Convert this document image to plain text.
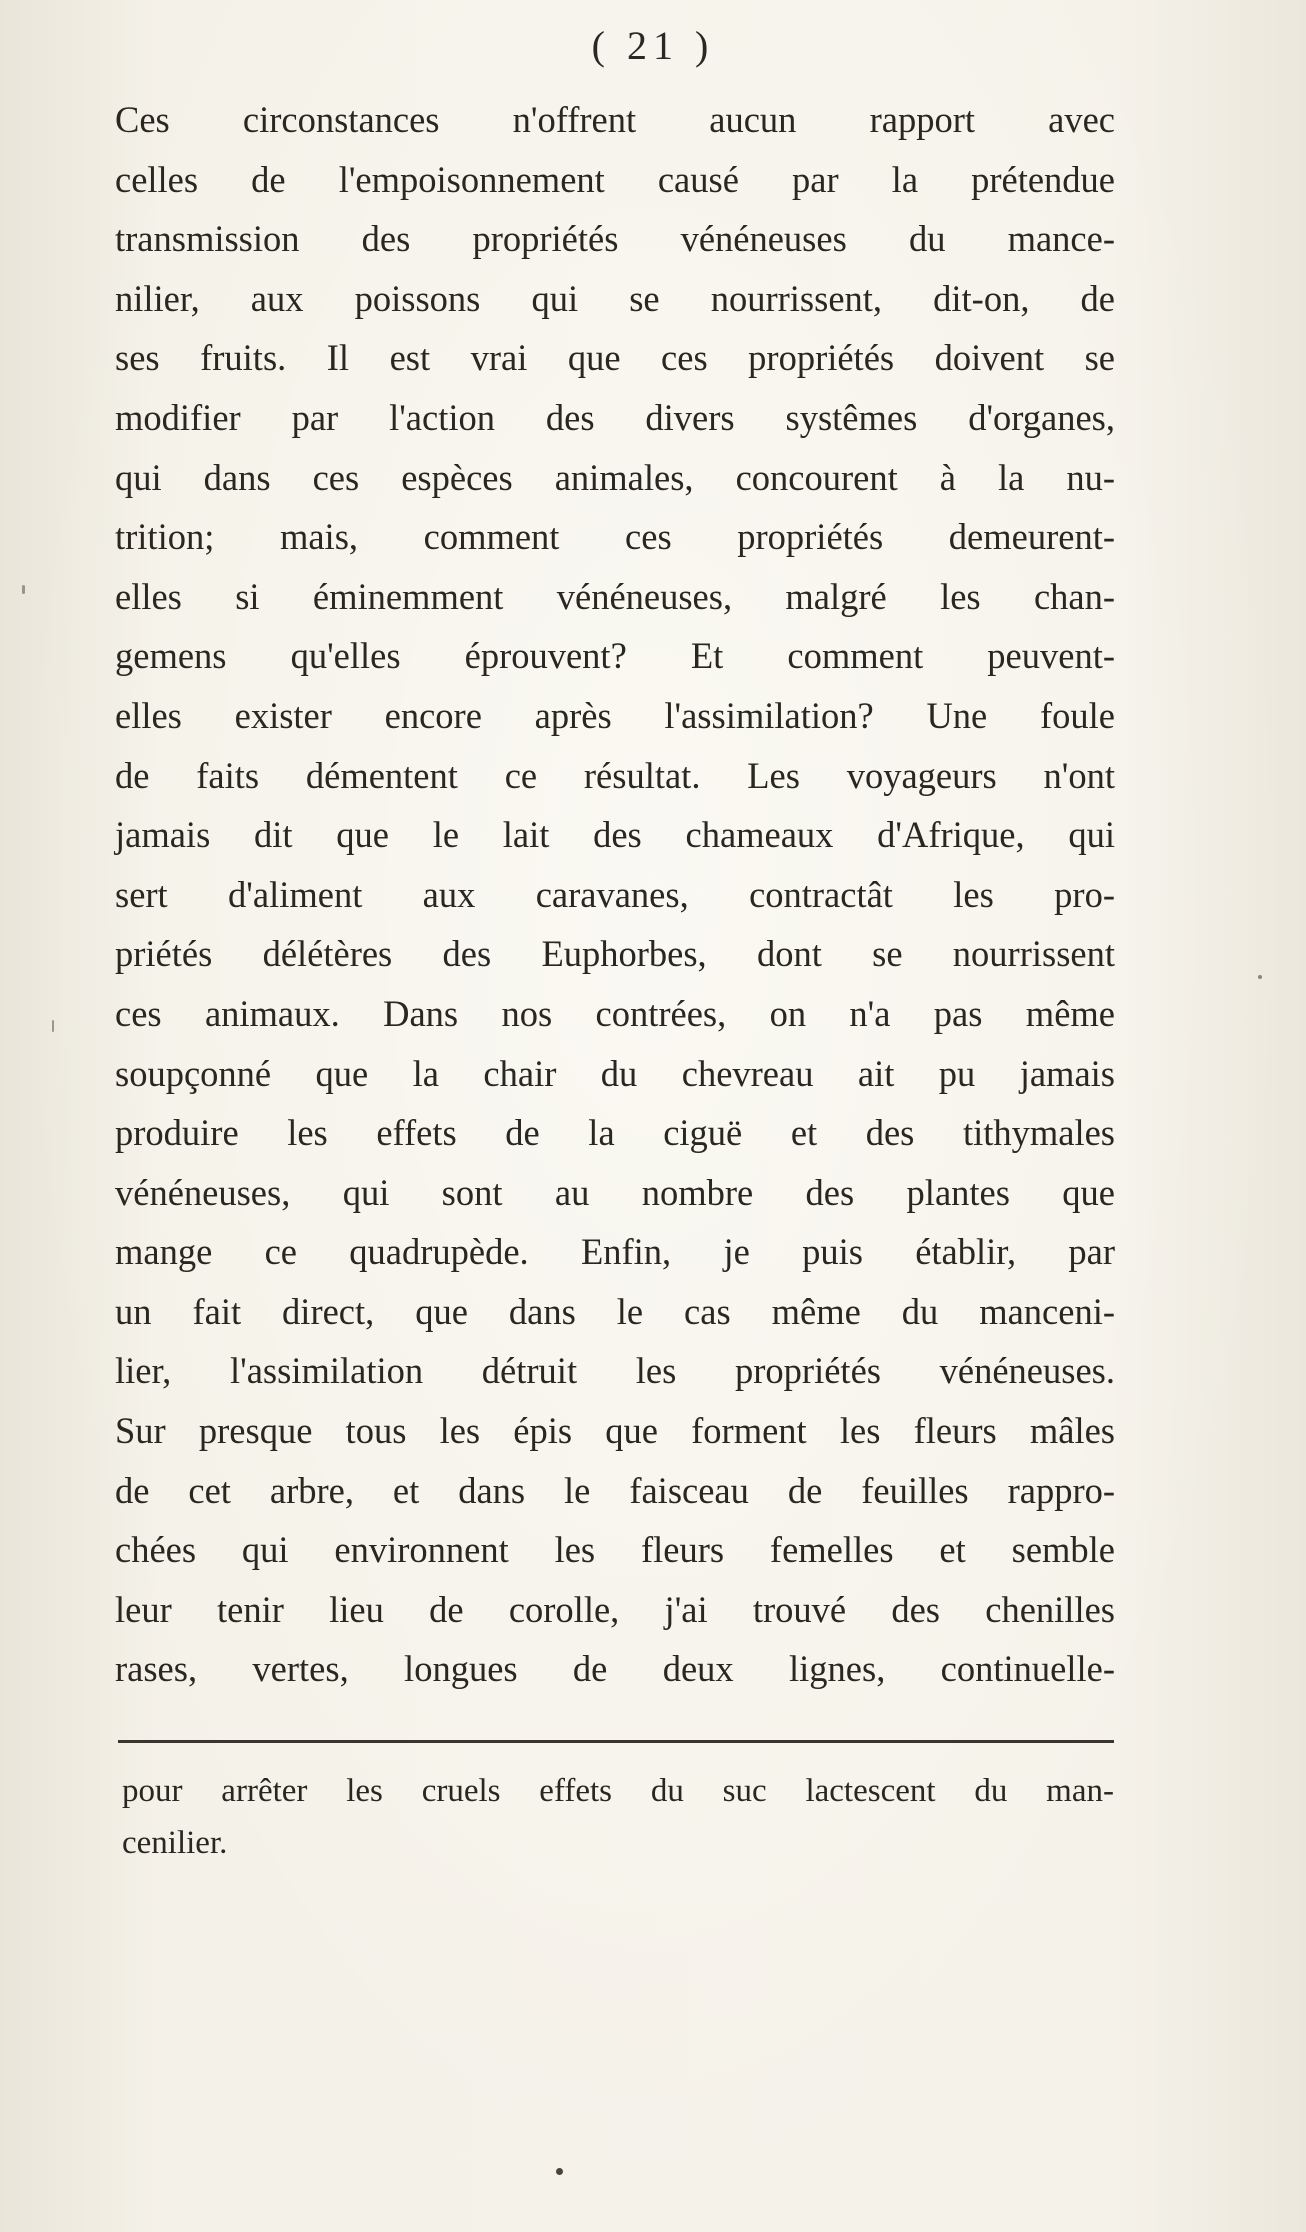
( 21 )
Ces circonstances n'offrent aucun rapport avec
celles de l'empoisonnement causé par la prétendue
transmission des propriétés vénéneuses du mance-
nilier, aux poissons qui se nourrissent, dit-on, de
ses fruits. Il est vrai que ces propriétés doivent se
modifier par l'action des divers systêmes d'organes,
qui dans ces espèces animales, concourent à la nu-
trition; mais, comment ces propriétés demeurent-
elles si éminemment vénéneuses, malgré les chan-
gemens qu'elles éprouvent? Et comment peuvent-
elles exister encore après l'assimilation? Une foule
de faits démentent ce résultat. Les voyageurs n'ont
jamais dit que le lait des chameaux d'Afrique, qui
sert d'aliment aux caravanes, contractât les pro-
priétés délétères des Euphorbes, dont se nourrissent
ces animaux. Dans nos contrées, on n'a pas même
soupçonné que la chair du chevreau ait pu jamais
produire les effets de la ciguë et des tithymales
vénéneuses, qui sont au nombre des plantes que
mange ce quadrupède. Enfin, je puis établir, par
un fait direct, que dans le cas même du manceni-
lier, l'assimilation détruit les propriétés vénéneuses.
Sur presque tous les épis que forment les fleurs mâles
de cet arbre, et dans le faisceau de feuilles rappro-
chées qui environnent les fleurs femelles et semble
leur tenir lieu de corolle, j'ai trouvé des chenilles
rases, vertes, longues de deux lignes, continuelle-
pour arrêter les cruels effets du suc lactescent du man-
cenilier.
